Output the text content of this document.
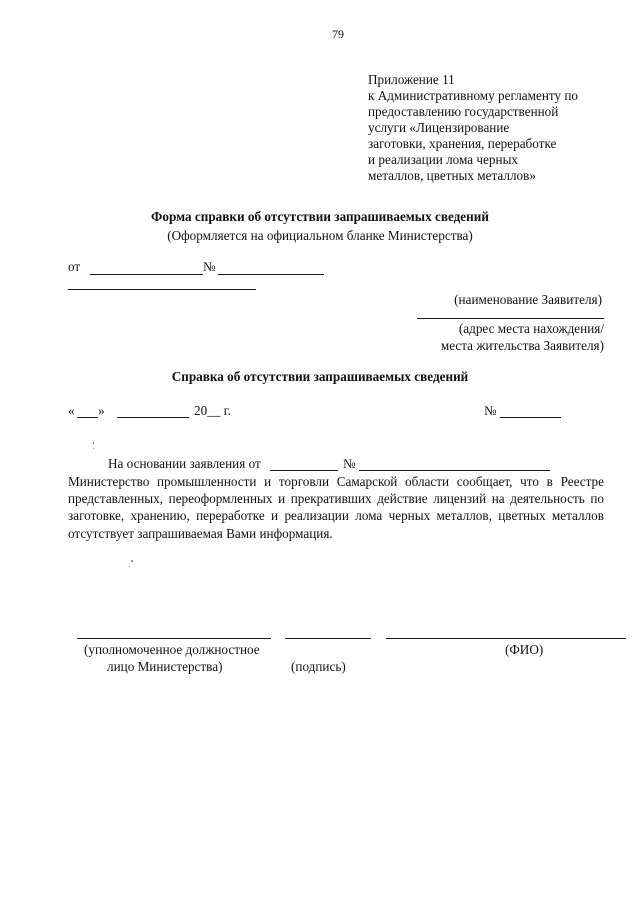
79
Приложение 11
к Административному регламенту по
предоставлению государственной
услуги «Лицензирование
заготовки, хранения, переработке
и реализации лома черных
металлов, цветных металлов»
Форма справки об отсутствии запрашиваемых сведений
(Оформляется на официальном бланке Министерства)
от	№
(наименование Заявителя)
(адрес места нахождения/
места жительства Заявителя)
Справка об отсутствии запрашиваемых сведений
« »	20__ г.	№
На основании заявления от	№
Министерство промышленности и торговли Самарской области сообщает, что в Реестре
представленных, переоформленных и прекративших действие лицензий на деятельность по
заготовке, хранению, переработке и реализации лома черных металлов, цветных металлов
отсутствует запрашиваемая Вами информация.
(уполномоченное должностное
лицо Министерства)	(подпись)
(ФИО)
